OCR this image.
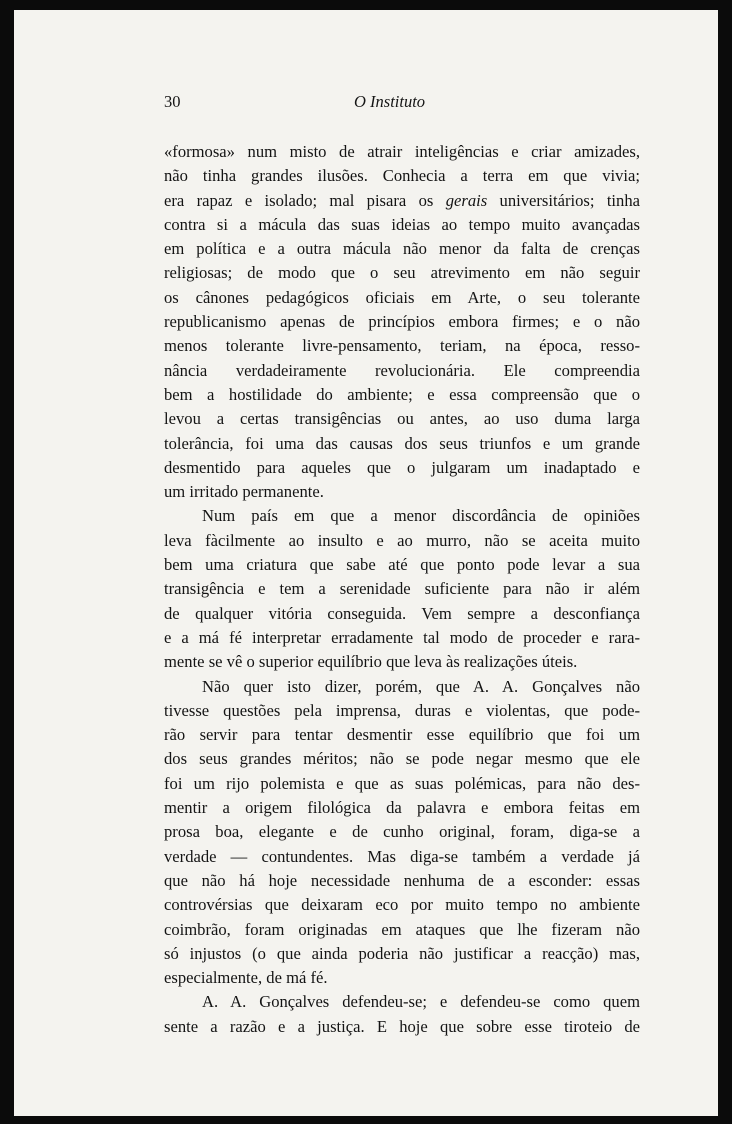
30	O Instituto
«formosa» num misto de atrair inteligências e criar amizades,
não tinha grandes ilusões. Conhecia a terra em que vivia;
era rapaz e isolado; mal pisara os gerais universitários; tinha
contra si a mácula das suas ideias ao tempo muito avançadas
em política e a outra mácula não menor da falta de crenças
religiosas; de modo que o seu atrevimento em não seguir
os cânones pedagógicos oficiais em Arte, o seu tolerante
republicanismo apenas de princípios embora firmes; e o não
menos tolerante livre-pensamento, teriam, na época, resso-
nância verdadeiramente revolucionária. Ele compreendia
bem a hostilidade do ambiente; e essa compreensão que o
levou a certas transigências ou antes, ao uso duma larga
tolerância, foi uma das causas dos seus triunfos e um grande
desmentido para aqueles que o julgaram um inadaptado e
um irritado permanente.
Num país em que a menor discordância de opiniões
leva fàcilmente ao insulto e ao murro, não se aceita muito
bem uma criatura que sabe até que ponto pode levar a sua
transigência e tem a serenidade suficiente para não ir além
de qualquer vitória conseguida. Vem sempre a desconfiança
e a má fé interpretar erradamente tal modo de proceder e rara-
mente se vê o superior equilíbrio que leva às realizações úteis.
Não quer isto dizer, porém, que A. A. Gonçalves não
tivesse questões pela imprensa, duras e violentas, que pode-
rão servir para tentar desmentir esse equilíbrio que foi um
dos seus grandes méritos; não se pode negar mesmo que ele
foi um rijo polemista e que as suas polémicas, para não des-
mentir a origem filológica da palavra e embora feitas em
prosa boa, elegante e de cunho original, foram, diga-se a
verdade — contundentes. Mas diga-se também a verdade já
que não há hoje necessidade nenhuma de a esconder: essas
controvérsias que deixaram eco por muito tempo no ambiente
coimbrão, foram originadas em ataques que lhe fizeram não
só injustos (o que ainda poderia não justificar a reacção) mas,
especialmente, de má fé.
A. A. Gonçalves defendeu-se; e defendeu-se como quem
sente a razão e a justiça. E hoje que sobre esse tiroteio de
